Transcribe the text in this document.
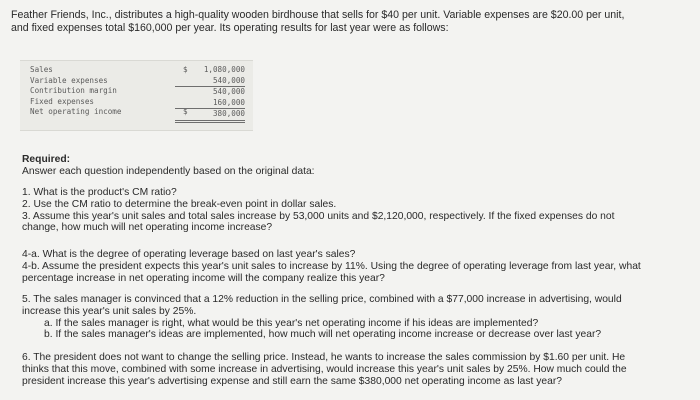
Feather Friends, Inc., distributes a high-quality wooden birdhouse that sells for $40 per unit. Variable expenses are $20.00 per unit,
and fixed expenses total $160,000 per year. Its operating results for last year were as follows:
Sales
Variable expenses
Contribution margin
Fixed expenses
Net operating income
$
$
1,080,000
540,000
540,000
160,000
380,000

Required:

Answer each question independently based on the original data:

1. What is the product's CM ratio?

2. Use the CM ratio to determine the break-even point in dollar sales.

3. Assume this year's unit sales and total sales increase by 53,000 units and $2,120,000, respectively. If the fixed expenses do not

change, how much will net operating income increase?

4-a. What is the degree of operating leverage based on last year's sales?

4-b. Assume the president expects this year's unit sales to increase by 11%. Using the degree of operating leverage from last year, what

percentage increase in net operating income will the company realize this year?

5. The sales manager is convinced that a 12% reduction in the selling price, combined with a $77,000 increase in advertising, would

increase this year's unit sales by 25%.

a. If the sales manager is right, what would be this year's net operating income if his ideas are implemented?

b. If the sales manager's ideas are implemented, how much will net operating income increase or decrease over last year?

6. The president does not want to change the selling price. Instead, he wants to increase the sales commission by $1.60 per unit. He

thinks that this move, combined with some increase in advertising, would increase this year's unit sales by 25%. How much could the

president increase this year's advertising expense and still earn the same $380,000 net operating income as last year?
